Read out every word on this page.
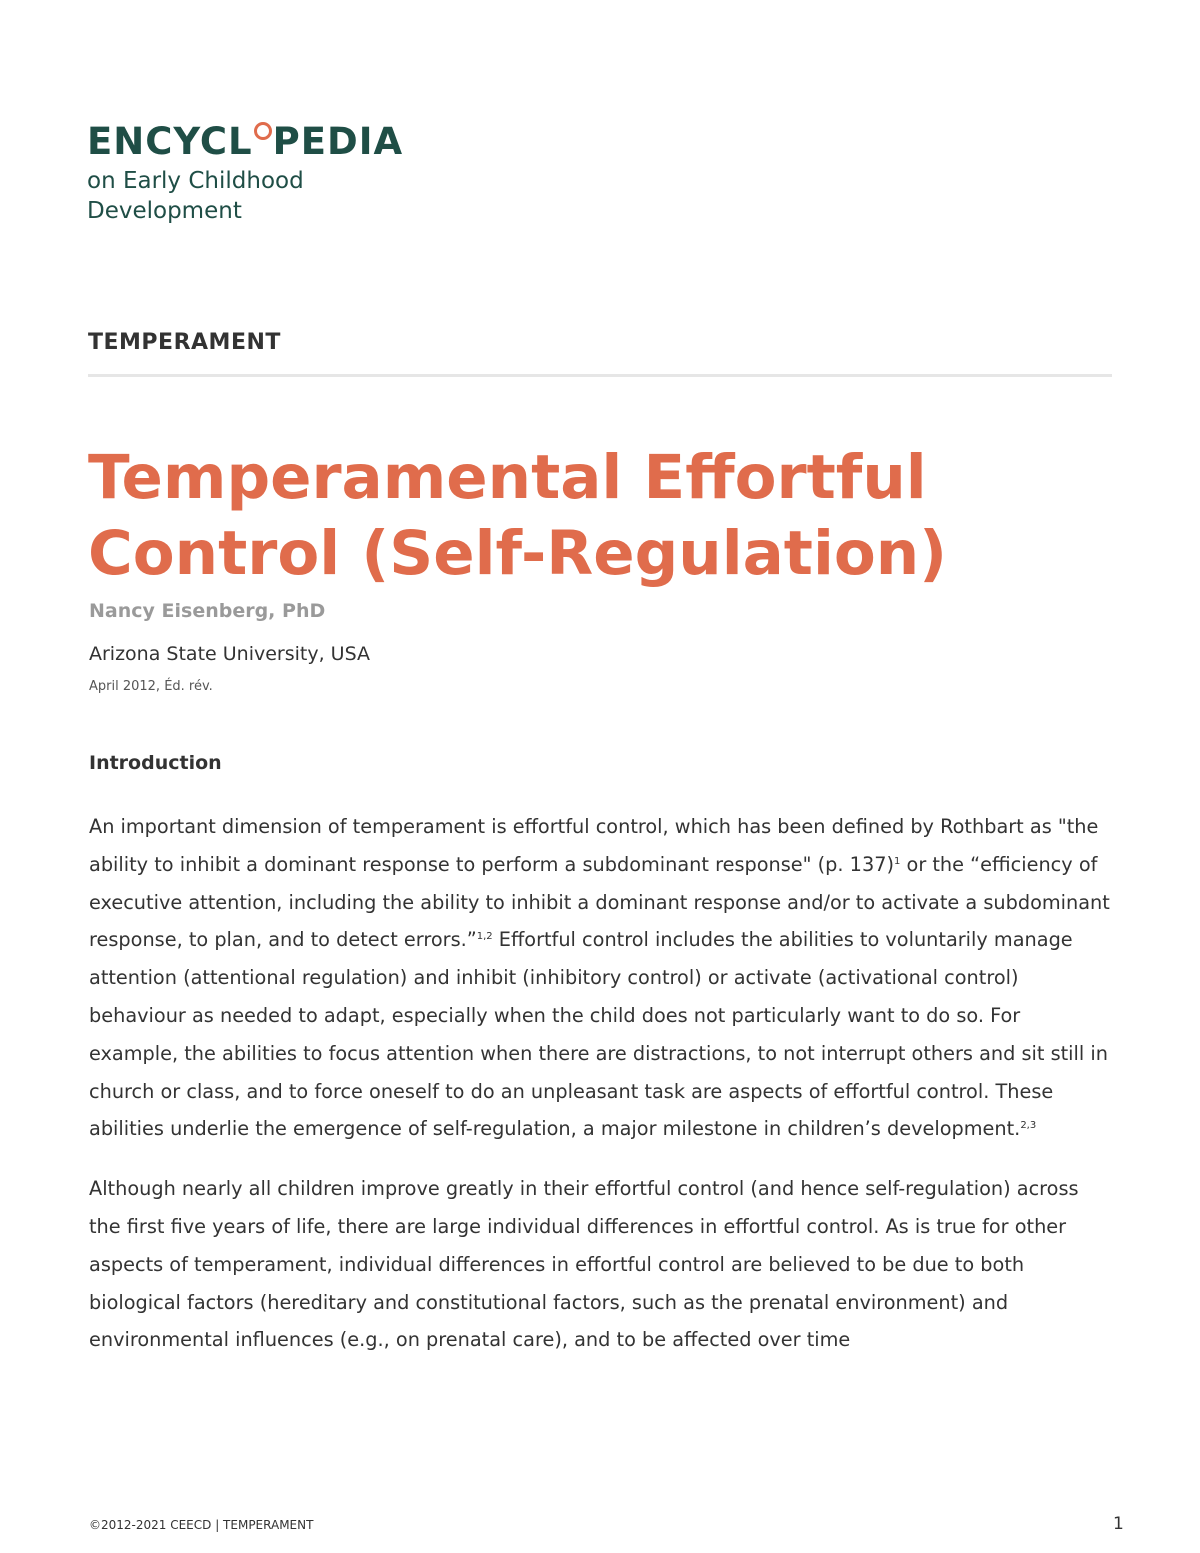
ENCYCL PEDIA
on Early Childhood
Development
TEMPERAMENT
Temperamental Effortful
Control (Self-Regulation)
Nancy Eisenberg, PhD
Arizona State University, USA
April 2012, Éd. rév.
Introduction

An important dimension of temperament is effortful control, which has been defined by Rothbart as "the ability to inhibit a dominant response to perform a subdominant response" (p. 137)$^1$ or the “efficiency of executive attention, including the ability to inhibit a dominant response and/or to activate a subdominant response, to plan, and to detect errors.”$^{1,2}$ Effortful control includes the abilities to voluntarily manage attention (attentional regulation) and inhibit (inhibitory control) or activate (activational control) behaviour as needed to adapt, especially when the child does not particularly want to do so. For example, the abilities to focus attention when there are distractions, to not interrupt others and sit still in church or class, and to force oneself to do an unpleasant task are aspects of effortful control. These abilities underlie the emergence of self-regulation, a major milestone in children’s development.$^{2,3}$

Although nearly all children improve greatly in their effortful control (and hence self-regulation) across the first five years of life, there are large individual differences in effortful control. As is true for other aspects of temperament, individual differences in effortful control are believed to be due to both biological factors (hereditary and constitutional factors, such as the prenatal environment) and environmental influences (e.g., on prenatal care), and to be affected over time

©2012-2021 CEECD | TEMPERAMENT	1
